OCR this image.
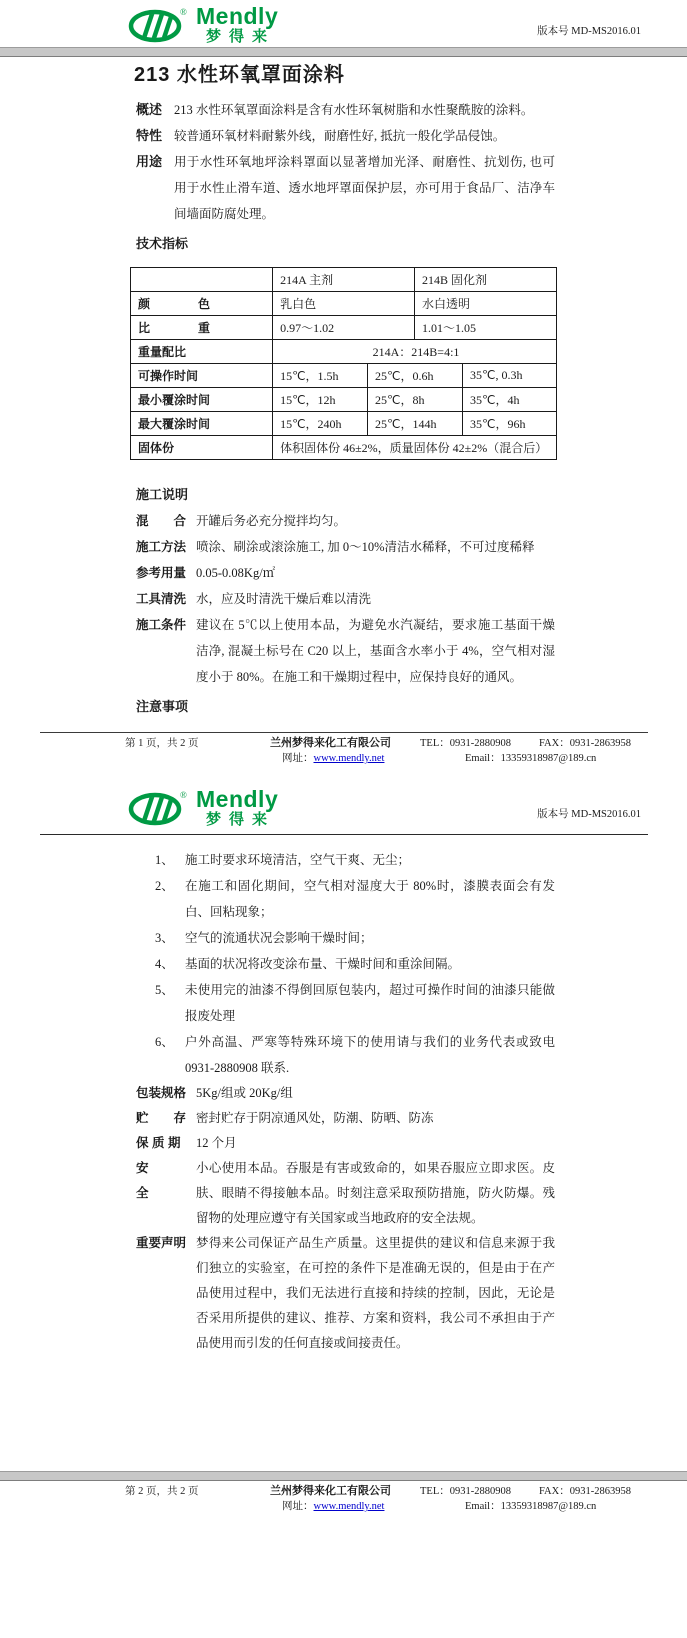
® Mendly
梦得来	版本号 MD-MS2016.01
213 水性环氧罩面涂料
概述 213 水性环氧罩面涂料是含有水性环氧树脂和水性聚酰胺的涂料。
特性 较普通环氧材料耐紫外线，耐磨性好, 抵抗一般化学品侵蚀。
用途 用于水性环氧地坪涂料罩面以显著增加光泽、耐磨性、抗划伤, 也可用于水性止滑车道、透水地坪罩面保护层，亦可用于食品厂、洁净车间墙面防腐处理。
技术指标
	214A 主剂		214B 固化剂	
颜　　　　色	乳白色		水白透明	
比　　　　重	0.97～1.02		1.01～1.05	
重量配比	214A：214B=4:1			
可操作时间	15℃，1.5h	25℃，0.6h		35℃, 0.3h
最小覆涂时间	15℃，12h	25℃，8h		35℃，4h
最大覆涂时间	15℃，240h	25℃，144h		35℃，96h
固体份	体积固体份 46±2%，质量固体份 42±2%（混合后）			
施工说明
混　　合 开罐后务必充分搅拌均匀。
施工方法 喷涂、刷涂或滚涂施工, 加 0～10%清洁水稀释，不可过度稀释
参考用量 0.05-0.08Kg/㎡
工具清洗 水，应及时清洗干燥后难以清洗
施工条件 建议在 5℃以上使用本品，为避免水汽凝结，要求施工基面干燥洁净, 混凝土标号在 C20 以上，基面含水率小于 4%，空气相对湿度小于 80%。在施工和干燥期过程中，应保持良好的通风。
注意事项
第 1 页，共 2 页	兰州梦得来化工有限公司
网址：www.mendly.net
TEL：0931-2880908	FAX：0931-2863958
Email：13359318987@189.cn
® Mendly
梦得来	版本号 MD-MS2016.01
1、 施工时要求环境清洁，空气干爽、无尘；
2、 在施工和固化期间，空气相对湿度大于 80%时，漆膜表面会有发白、回粘现象；
3、 空气的流通状况会影响干燥时间；
4、 基面的状况将改变涂布量、干燥时间和重涂间隔。
5、 未使用完的油漆不得倒回原包装内，超过可操作时间的油漆只能做报废处理
6、 户外高温、严寒等特殊环境下的使用请与我们的业务代表或致电 0931-2880908 联系.
包装规格 5Kg/组或 20Kg/组
贮　　存 密封贮存于阴凉通风处，防潮、防晒、防冻
保 质 期	12 个月
安　　　全
小心使用本品。吞服是有害或致命的，如果吞服应立即求医。皮肤、眼睛不得接触本品。时刻注意采取预防措施，防火防爆。残留物的处理应遵守有关国家或当地政府的安全法规。
重要声明 梦得来公司保证产品生产质量。这里提供的建议和信息来源于我们独立的实验室，在可控的条件下是准确无误的，但是由于在产品使用过程中，我们无法进行直接和持续的控制，因此，无论是否采用所提供的建议、推荐、方案和资料，我公司不承担由于产品使用而引发的任何直接或间接责任。
第 2 页，共 2 页	兰州梦得来化工有限公司
网址：www.mendly.net
TEL：0931-2880908	FAX：0931-2863958
Email：13359318987@189.cn
